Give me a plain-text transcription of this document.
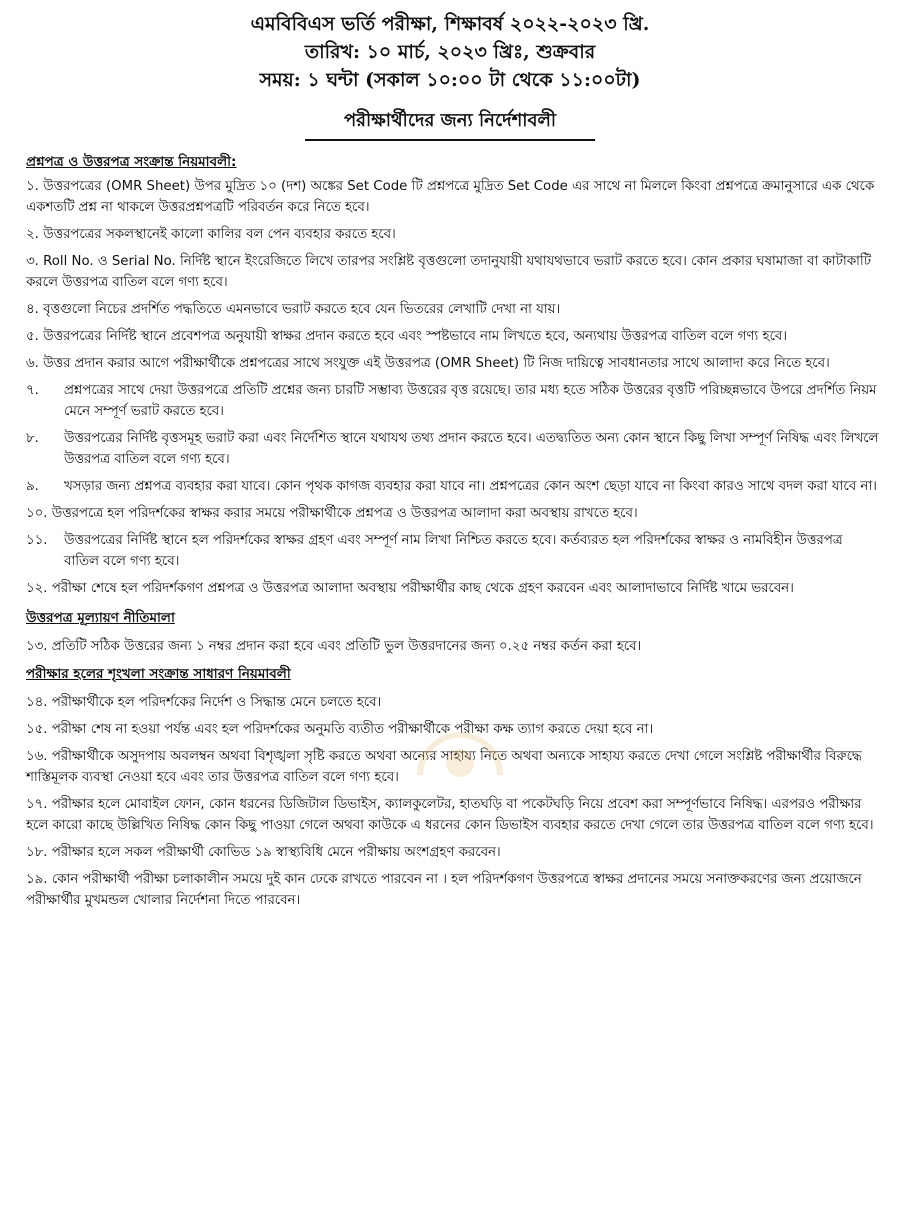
এমবিবিএস ভর্তি পরীক্ষা, শিক্ষাবর্ষ ২০২২-২০২৩ খ্রি.
তারিখ: ১০ মার্চ, ২০২৩ খ্রিঃ, শুক্রবার
সময়: ১ ঘন্টা (সকাল ১০:০০ টা থেকে ১১:০০টা)
পরীক্ষার্থীদের জন্য নির্দেশাবলী
প্রশ্নপত্র ও উত্তরপত্র সংক্রান্ত নিয়মাবলী:
১. উত্তরপত্রের (OMR Sheet) উপর মুদ্রিত ১০ (দশ) অঙ্কের Set Code টি প্রশ্নপত্রে মুদ্রিত Set Code এর সাথে না মিললে কিংবা প্রশ্নপত্রে ক্রমানুসারে এক থেকে একশতটি প্রশ্ন না থাকলে উত্তরপ্রশ্নপত্রটি পরিবর্তন করে নিতে হবে।
২. উত্তরপত্রের সকলস্থানেই কালো কালির বল পেন ব্যবহার করতে হবে।
৩. Roll No. ও Serial No. নির্দিষ্ট স্থানে ইংরেজিতে লিখে তারপর সংশ্লিষ্ট বৃত্তগুলো তদানুযায়ী যথাযথভাবে ভরাট করতে হবে। কোন প্রকার ঘষামাজা বা কাটাকাটি করলে উত্তরপত্র বাতিল বলে গণ্য হবে।
৪. বৃত্তগুলো নিচের প্রদর্শিত পদ্ধতিতে এমনভাবে ভরাট করতে হবে যেন ভিতরের লেখাটি দেখা না যায়।
৫. উত্তরপত্রের নির্দিষ্ট স্থানে প্রবেশপত্র অনুযায়ী স্বাক্ষর প্রদান করতে হবে এবং স্পষ্টভাবে নাম লিখতে হবে, অন্যথায় উত্তরপত্র বাতিল বলে গণ্য হবে।
৬. উত্তর প্রদান করার আগে পরীক্ষার্থীকে প্রশ্নপত্রের সাথে সংযুক্ত এই উত্তরপত্র (OMR Sheet) টি নিজ দায়িত্বে সাবধানতার সাথে আলাদা করে নিতে হবে।
৭.	প্রশ্নপত্রের সাথে দেয়া উত্তরপত্রে প্রতিটি প্রশ্নের জন্য চারটি সম্ভাব্য উত্তরের বৃত্ত রয়েছে। তার মধ্য হতে সঠিক উত্তরের বৃত্তটি পরিচ্ছন্নভাবে উপরে প্রদর্শিত নিয়ম মেনে সম্পূর্ণ ভরাট করতে হবে।
৮.	উত্তরপত্রের নির্দিষ্ট বৃত্তসমূহ ভরাট করা এবং নির্দেশিত স্থানে যথাযথ তথ্য প্রদান করতে হবে। এতদ্ব্যতিত অন্য কোন স্থানে কিছু লিখা সম্পূর্ণ নিষিদ্ধ এবং লিখলে উত্তরপত্র বাতিল বলে গণ্য হবে।
৯.	খসড়ার জন্য প্রশ্নপত্র ব্যবহার করা যাবে। কোন পৃথক কাগজ ব্যবহার করা যাবে না। প্রশ্নপত্রের কোন অংশ ছেড়া যাবে না কিংবা কারও সাথে বদল করা যাবে না।
১০. উত্তরপত্রে হল পরিদর্শকের স্বাক্ষর করার সময়ে পরীক্ষার্থীকে প্রশ্নপত্র ও উত্তরপত্র আলাদা করা অবস্থায় রাখতে হবে।
১১.	উত্তরপত্রের নির্দিষ্ট স্থানে হল পরিদর্শকের স্বাক্ষর গ্রহণ এবং সম্পূর্ণ নাম লিখা নিশ্চিত করতে হবে। কর্তব্যরত হল পরিদর্শকের স্বাক্ষর ও নামবিহীন উত্তরপত্র বাতিল বলে গণ্য হবে।
১২. পরীক্ষা শেষে হল পরিদর্শকগণ প্রশ্নপত্র ও উত্তরপত্র আলাদা অবস্থায় পরীক্ষার্থীর কাছ থেকে গ্রহণ করবেন এবং আলাদাভাবে নির্দিষ্ট খামে ভরবেন।
উত্তরপত্র মূল্যায়ণ নীতিমালা
১৩. প্রতিটি সঠিক উত্তরের জন্য ১ নম্বর প্রদান করা হবে এবং প্রতিটি ভুল উত্তরদানের জন্য ০.২৫ নম্বর কর্তন করা হবে।
পরীক্ষার হলের শৃংখলা সংক্রান্ত সাধারণ নিয়মাবলী
১৪. পরীক্ষার্থীকে হল পরিদর্শকের নির্দেশ ও সিদ্ধান্ত মেনে চলতে হবে।
১৫. পরীক্ষা শেষ না হওয়া পর্যন্ত এবং হল পরিদর্শকের অনুমতি ব্যতীত পরীক্ষার্থীকে পরীক্ষা কক্ষ ত্যাগ করতে দেয়া হবে না।
১৬. পরীক্ষার্থীকে অসুদপায় অবলম্বন অথবা বিশৃঙ্খলা সৃষ্টি করতে অথবা অন্যের সাহায্য নিতে অথবা অন্যকে সাহায্য করতে দেখা গেলে সংশ্লিষ্ট পরীক্ষার্থীর বিরুদ্ধে শাস্তিমূলক ব্যবস্থা নেওয়া হবে এবং তার উত্তরপত্র বাতিল বলে গণ্য হবে।
১৭. পরীক্ষার হলে মোবাইল ফোন, কোন ধরনের ডিজিটাল ডিভাইস, ক্যালকুলেটর, হাতঘড়ি বা পকেটঘড়ি নিয়ে প্রবেশ করা সম্পূর্ণভাবে নিষিদ্ধ। এরপরও পরীক্ষার হলে কারো কাছে উল্লিখিত নিষিদ্ধ কোন কিছু পাওয়া গেলে অথবা কাউকে এ ধরনের কোন ডিভাইস ব্যবহার করতে দেখা গেলে তার উত্তরপত্র বাতিল বলে গণ্য হবে।
১৮. পরীক্ষার হলে সকল পরীক্ষার্থী কোভিড ১৯ স্বাস্থ্যবিধি মেনে পরীক্ষায় অংশগ্রহণ করবেন।
১৯. কোন পরীক্ষার্থী পরীক্ষা চলাকালীন সময়ে দুই কান ঢেকে রাখতে পারবেন না । হল পরিদর্শকগণ উত্তরপত্রে স্বাক্ষর প্রদানের সময়ে সনাক্তকরণের জন্য প্রয়োজনে পরীক্ষার্থীর মুখমন্ডল খোলার নির্দেশনা দিতে পারবেন।
